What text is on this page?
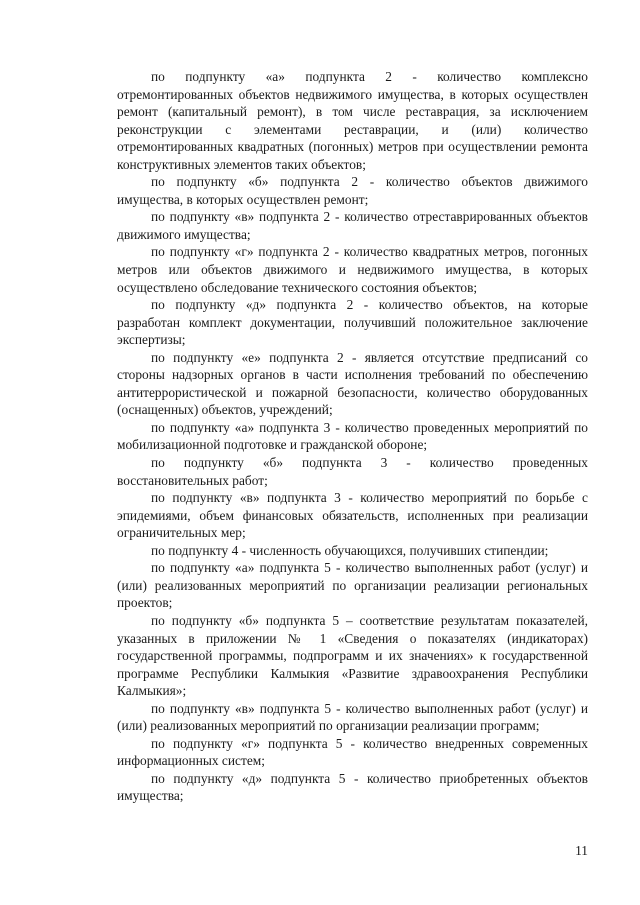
по подпункту «а» подпункта 2 - количество комплексно отремонтированных объектов недвижимого имущества, в которых осуществлен ремонт (капитальный ремонт), в том числе реставрация, за исключением реконструкции с элементами реставрации, и (или) количество отремонтированных квадратных (погонных) метров при осуществлении ремонта конструктивных элементов таких объектов;

по подпункту «б» подпункта 2 - количество объектов движимого имущества, в которых осуществлен ремонт;

по подпункту «в» подпункта 2 - количество отреставрированных объектов движимого имущества;

по подпункту «г» подпункта 2 - количество квадратных метров, погонных метров или объектов движимого и недвижимого имущества, в которых осуществлено обследование технического состояния объектов;

по подпункту «д» подпункта 2 - количество объектов, на которые разработан комплект документации, получивший положительное заключение экспертизы;

по подпункту «е» подпункта 2 - является отсутствие предписаний со стороны надзорных органов в части исполнения требований по обеспечению антитеррористической и пожарной безопасности, количество оборудованных (оснащенных) объектов, учреждений;

по подпункту «а» подпункта 3 - количество проведенных мероприятий по мобилизационной подготовке и гражданской обороне;

по подпункту «б» подпункта 3 - количество проведенных восстановительных работ;

по подпункту «в» подпункта 3 - количество мероприятий по борьбе с эпидемиями, объем финансовых обязательств, исполненных при реализации ограничительных мер;

по подпункту 4 - численность обучающихся, получивших стипендии;

по подпункту «а» подпункта 5 - количество выполненных работ (услуг) и (или) реализованных мероприятий по организации реализации региональных проектов;

по подпункту «б» подпункта 5 – соответствие результатам показателей, указанных в приложении № 1 «Сведения о показателях (индикаторах) государственной программы, подпрограмм и их значениях» к государственной программе Республики Калмыкия «Развитие здравоохранения Республики Калмыкия»;

по подпункту «в» подпункта 5 - количество выполненных работ (услуг) и (или) реализованных мероприятий по организации реализации программ;

по подпункту «г» подпункта 5 - количество внедренных современных информационных систем;

по подпункту «д» подпункта 5 - количество приобретенных объектов имущества;

11
